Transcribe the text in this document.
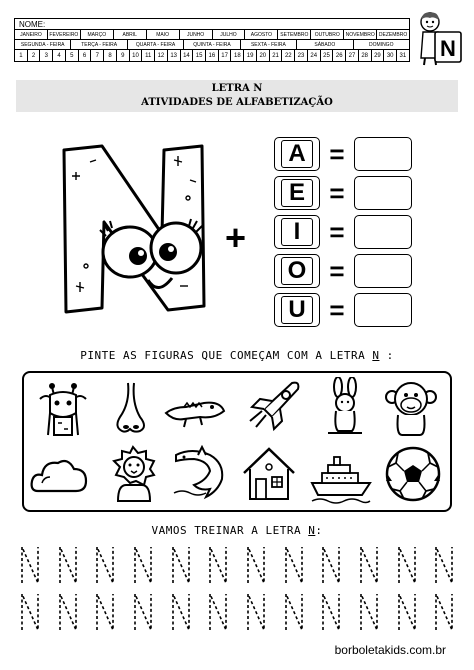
NOME:
JANEIRO	FEVEREIRO	MARÇO	ABRIL	MAIO	JUNHO	JULHO	AGOSTO	SETEMBRO	OUTUBRO	NOVEMBRO DEZEMBRO
SEGUNDA - FEIRA	TERÇA - FEIRA	QUARTA - FEIRA	QUINTA - FEIRA	SEXTA - FEIRA	SÁBADO	DOMINGO
1	2	3	4	5	6	7	8	9	10	11	12	13	14	15	16	17	18	19	20	21	22	23	24	25	26	27	28	29	30	31 N
LETRA N
ATIVIDADES DE ALFABETIZAÇÃO
+
A =
E =
I	=
O =
U =
PINTE AS FIGURAS QUE COMEÇAM COM A LETRA N :
VAMOS TREINAR A LETRA N:
borboletakids.com.br
